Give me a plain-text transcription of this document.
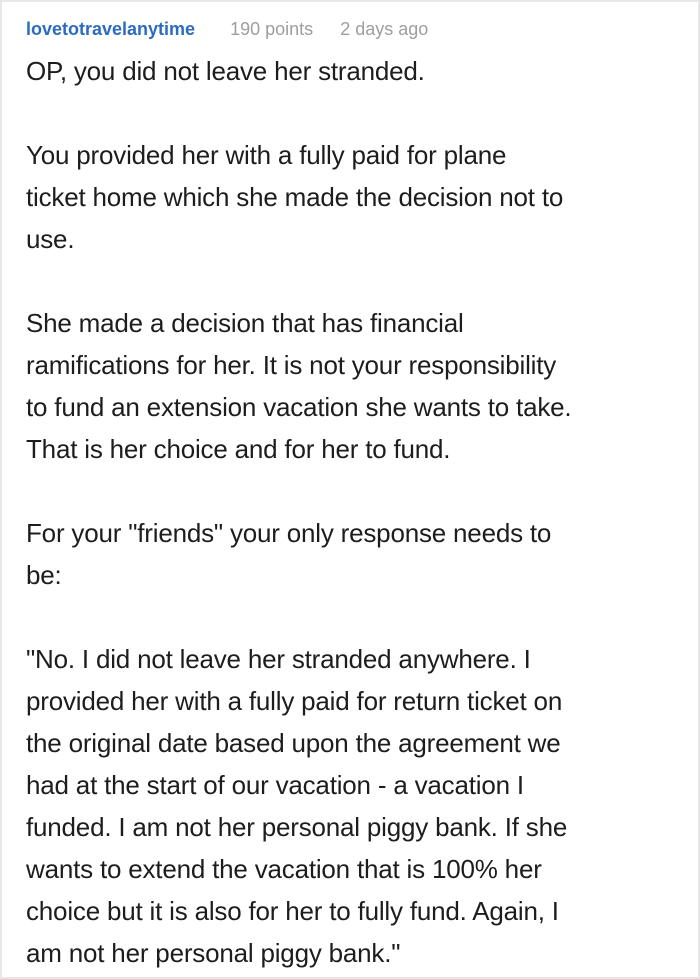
lovetotravelanytime 190 points 2 days ago

OP, you did not leave her stranded.

You provided her with a fully paid for plane
ticket home which she made the decision not to
use.

She made a decision that has financial
ramifications for her. It is not your responsibility
to fund an extension vacation she wants to take.
That is her choice and for her to fund.

For your "friends" your only response needs to
be:

"No. I did not leave her stranded anywhere. I
provided her with a fully paid for return ticket on
the original date based upon the agreement we
had at the start of our vacation - a vacation I
funded. I am not her personal piggy bank. If she
wants to extend the vacation that is 100% her
choice but it is also for her to fully fund. Again, I
am not her personal piggy bank."
